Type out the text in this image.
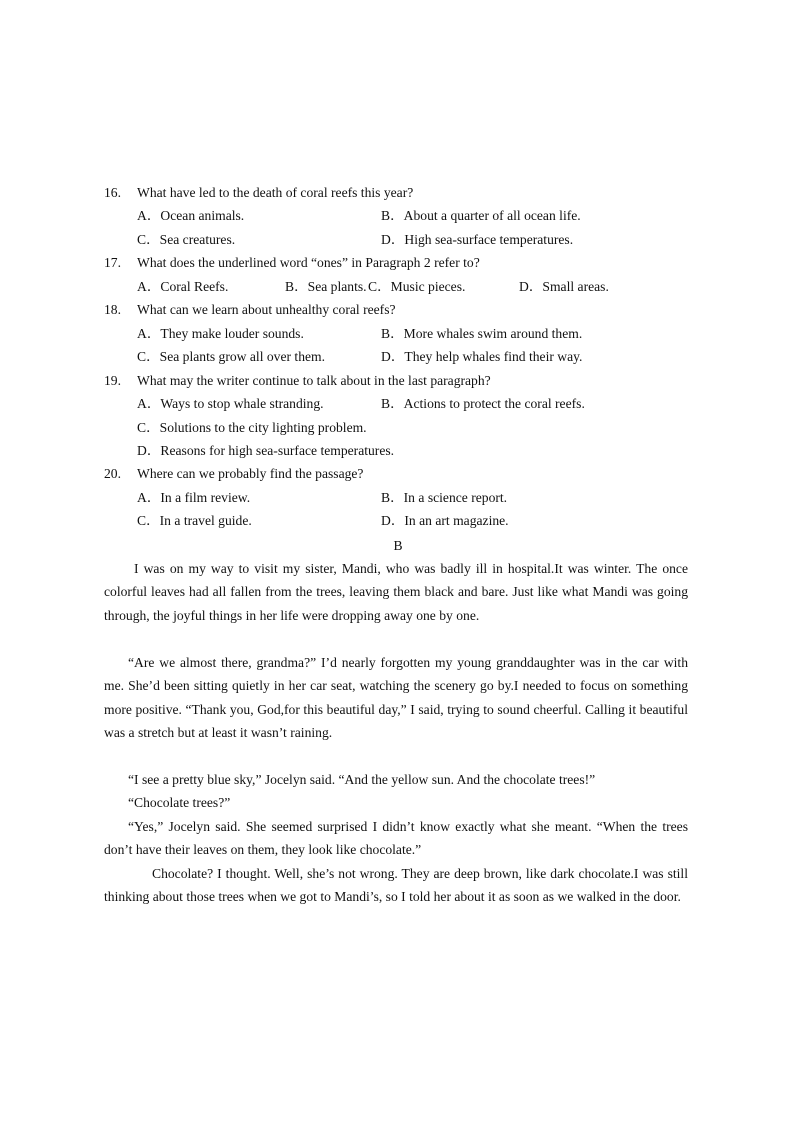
16. What have led to the death of coral reefs this year?
A．Ocean animals.	B．About a quarter of all ocean life.
C．Sea creatures.	D．High sea-surface temperatures.
17. What does the underlined word “ones” in Paragraph 2 refer to?
A．Coral Reefs.	B．Sea plants. C．Music pieces.	D．Small areas.
18. What can we learn about unhealthy coral reefs?
A．They make louder sounds.	B．More whales swim around them.
C．Sea plants grow all over them.	D．They help whales find their way.
19. What may the writer continue to talk about in the last paragraph?
A．Ways to stop whale stranding.	B．Actions to protect the coral reefs.
C．Solutions to the city lighting problem.
D．Reasons for high sea-surface temperatures.
20. Where can we probably find the passage?
A．In a film review.	B．In a science report.
C．In a travel guide.	D．In an art magazine.
B
I was on my way to visit my sister, Mandi, who was badly ill in hospital.It was winter. The once colorful leaves had all fallen from the trees, leaving them black and bare. Just like what Mandi was going through, the joyful things in her life were dropping away one by one.
“Are we almost there, grandma?” I’d nearly forgotten my young granddaughter was in the car with me. She’d been sitting quietly in her car seat, watching the scenery go by.I needed to focus on something more positive. “Thank you, God,for this beautiful day,” I said, trying to sound cheerful. Calling it beautiful was a stretch but at least it wasn’t raining.
“I see a pretty blue sky,” Jocelyn said. “And the yellow sun. And the chocolate trees!”
“Chocolate trees?”
“Yes,” Jocelyn said. She seemed surprised I didn’t know exactly what she meant. “When the trees don’t have their leaves on them, they look like chocolate.”
Chocolate? I thought. Well, she’s not wrong. They are deep brown, like dark chocolate.I was still thinking about those trees when we got to Mandi’s, so I told her about it as soon as we walked in the door.
